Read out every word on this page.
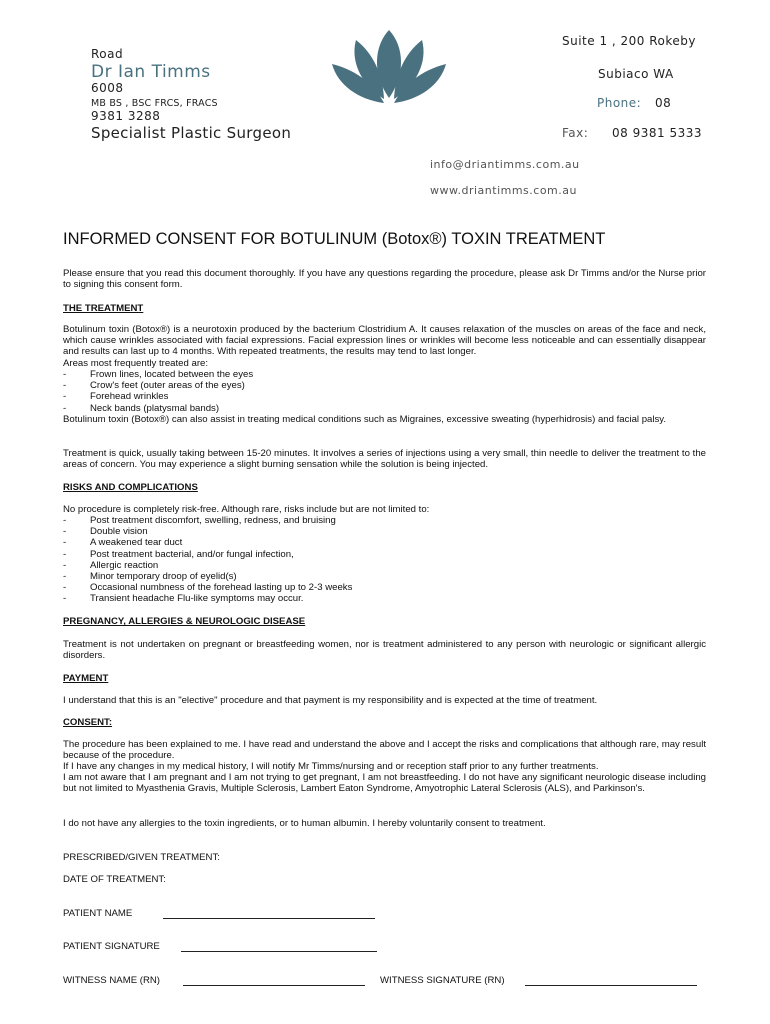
Road
Dr Ian Timms
6008
MB BS , BSC FRCS, FRACS
9381 3288
Specialist Plastic Surgeon
Suite 1 , 200 Rokeby
Subiaco WA
Phone: 08
Fax: 08 9381 5333
info@driantimms.com.au
www.driantimms.com.au
INFORMED CONSENT FOR BOTULINUM (Botox®) TOXIN TREATMENT
Please ensure that you read this document thoroughly. If you have any questions regarding the procedure, please ask Dr Timms and/or the Nurse prior to signing this consent form.
THE TREATMENT
Botulinum toxin (Botox®) is a neurotoxin produced by the bacterium Clostridium A. It causes relaxation of the muscles on areas of the face and neck, which cause wrinkles associated with facial expressions. Facial expression lines or wrinkles will become less noticeable and can essentially disappear and results can last up to 4 months. With repeated treatments, the results may tend to last longer.
Areas most frequently treated are:
- Frown lines, located between the eyes
- Crow's feet (outer areas of the eyes)
- Forehead wrinkles
- Neck bands (platysmal bands)
Botulinum toxin (Botox®) can also assist in treating medical conditions such as Migraines, excessive sweating (hyperhidrosis) and facial palsy.
Treatment is quick, usually taking between 15-20 minutes. It involves a series of injections using a very small, thin needle to deliver the treatment to the areas of concern. You may experience a slight burning sensation while the solution is being injected.
RISKS AND COMPLICATIONS
No procedure is completely risk-free. Although rare, risks include but are not limited to:
- Post treatment discomfort, swelling, redness, and bruising
- Double vision
- A weakened tear duct
- Post treatment bacterial, and/or fungal infection,
- Allergic reaction
- Minor temporary droop of eyelid(s)
- Occasional numbness of the forehead lasting up to 2-3 weeks
- Transient headache Flu-like symptoms may occur.
PREGNANCY, ALLERGIES & NEUROLOGIC DISEASE
Treatment is not undertaken on pregnant or breastfeeding women, nor is treatment administered to any person with neurologic or significant allergic disorders.
PAYMENT
I understand that this is an "elective" procedure and that payment is my responsibility and is expected at the time of treatment.
CONSENT:
The procedure has been explained to me. I have read and understand the above and I accept the risks and complications that although rare, may result because of the procedure.
If I have any changes in my medical history, I will notify Mr Timms/nursing and or reception staff prior to any further treatments.
I am not aware that I am pregnant and I am not trying to get pregnant, I am not breastfeeding. I do not have any significant neurologic disease including but not limited to Myasthenia Gravis, Multiple Sclerosis, Lambert Eaton Syndrome, Amyotrophic Lateral Sclerosis (ALS), and Parkinson's.
I do not have any allergies to the toxin ingredients, or to human albumin. I hereby voluntarily consent to treatment.
PRESCRIBED/GIVEN TREATMENT:
DATE OF TREATMENT:
PATIENT NAME
PATIENT SIGNATURE
WITNESS NAME (RN)	WITNESS SIGNATURE (RN)
